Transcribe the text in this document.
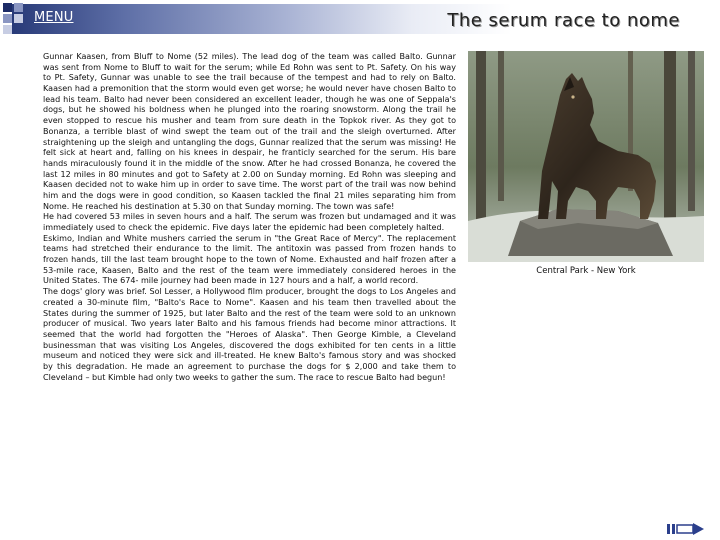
MENU	The serum race to nome

Gunnar Kaasen, from Bluff to Nome (52 miles). The lead dog of the team was called Balto. Gunnar was sent from Nome to Bluff to wait for the serum; while Ed Rohn was sent to Pt. Safety. On his way to Pt. Safety, Gunnar was unable to see the trail because of the tempest and had to rely on Balto. Kaasen had a premonition that the storm would even get worse; he would never have chosen Balto to lead his team. Balto had never been considered an excellent leader, though he was one of Seppala's dogs, but he showed his boldness when he plunged into the roaring snowstorm. Along the trail he even stopped to rescue his musher and team from sure death in the Topkok river. As they got to Bonanza, a terrible blast of wind swept the team out of the trail and the sleigh overturned. After straightening up the sleigh and untangling the dogs, Gunnar realized that the serum was missing! He felt sick at heart and, falling on his knees in despair, he franticly searched for the serum. His bare hands miraculously found it in the middle of the snow. After he had crossed Bonanza, he covered the last 12 miles in 80 minutes and got to Safety at 2.00 on Sunday morning. Ed Rohn was sleeping and Kaasen decided not to wake him up in order to save time. The worst part of the trail was now behind him and the dogs were in good condition, so Kaasen tackled the final 21 miles separating him from Nome. He reached his destination at 5.30 on that Sunday morning. The town was safe!

He had covered 53 miles in seven hours and a half. The serum was frozen but undamaged and it was immediately used to check the epidemic. Five days later the epidemic had been completely halted.

Eskimo, Indian and White mushers carried the serum in "the Great Race of Mercy". The replacement teams had stretched their endurance to the limit. The antitoxin was passed from frozen hands to frozen hands, till the last team brought hope to the town of Nome. Exhausted and half frozen after a 53-mile race, Kaasen, Balto and the rest of the team were immediately considered heroes in the United States. The 674- mile journey had been made in 127 hours and a half, a world record.

The dogs' glory was brief. Sol Lesser, a Hollywood film producer, brought the dogs to Los Angeles and created a 30-minute film, "Balto's Race to Nome". Kaasen and his team then travelled about the States during the summer of 1925, but later Balto and the rest of the team were sold to an unknown producer of musical. Two years later Balto and his famous friends had become minor attractions. It seemed that the world had forgotten the "Heroes of Alaska". Then George Kimble, a Cleveland businessman that was visiting Los Angeles, discovered the dogs exhibited for ten cents in a little museum and noticed they were sick and ill-treated. He knew Balto's famous story and was shocked by this degradation. He made an agreement to purchase the dogs for $ 2,000 and take them to Cleveland – but Kimble had only two weeks to gather the sum. The race to rescue Balto had begun!

Central Park - New York
